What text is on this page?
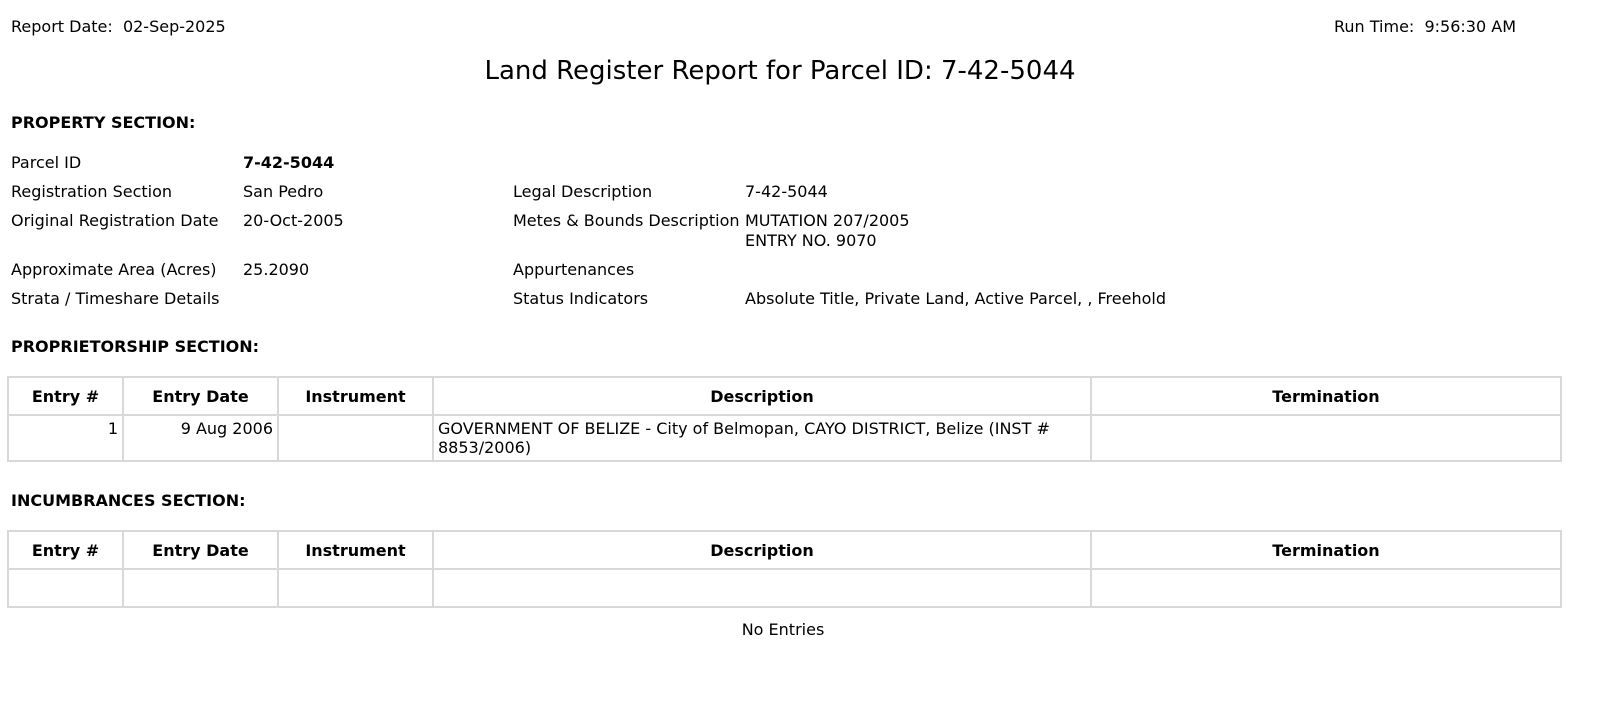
Report Date: 02-Sep-2025	Run Time: 9:56:30 AM
Land Register Report for Parcel ID: 7-42-5044
PROPERTY SECTION:
Parcel ID	7-42-5044
Registration Section	San Pedro
Original Registration Date 20-Oct-2005
Approximate Area (Acres) 25.2090
Strata / Timeshare Details
Legal Description	7-42-5044
Metes & Bounds Description MUTATION 207/2005
ENTRY NO. 9070
Appurtenances
Status Indicators	Absolute Title, Private Land, Active Parcel, , Freehold
PROPRIETORSHIP SECTION:
Entry #	Entry Date	Instrument	Description	Termination
1	9 Aug 2006		GOVERNMENT OF BELIZE - City of Belmopan, CAYO DISTRICT, Belize (INST # 8853/2006)	
INCUMBRANCES SECTION:
Entry #	Entry Date	Instrument	Description	Termination

No Entries
